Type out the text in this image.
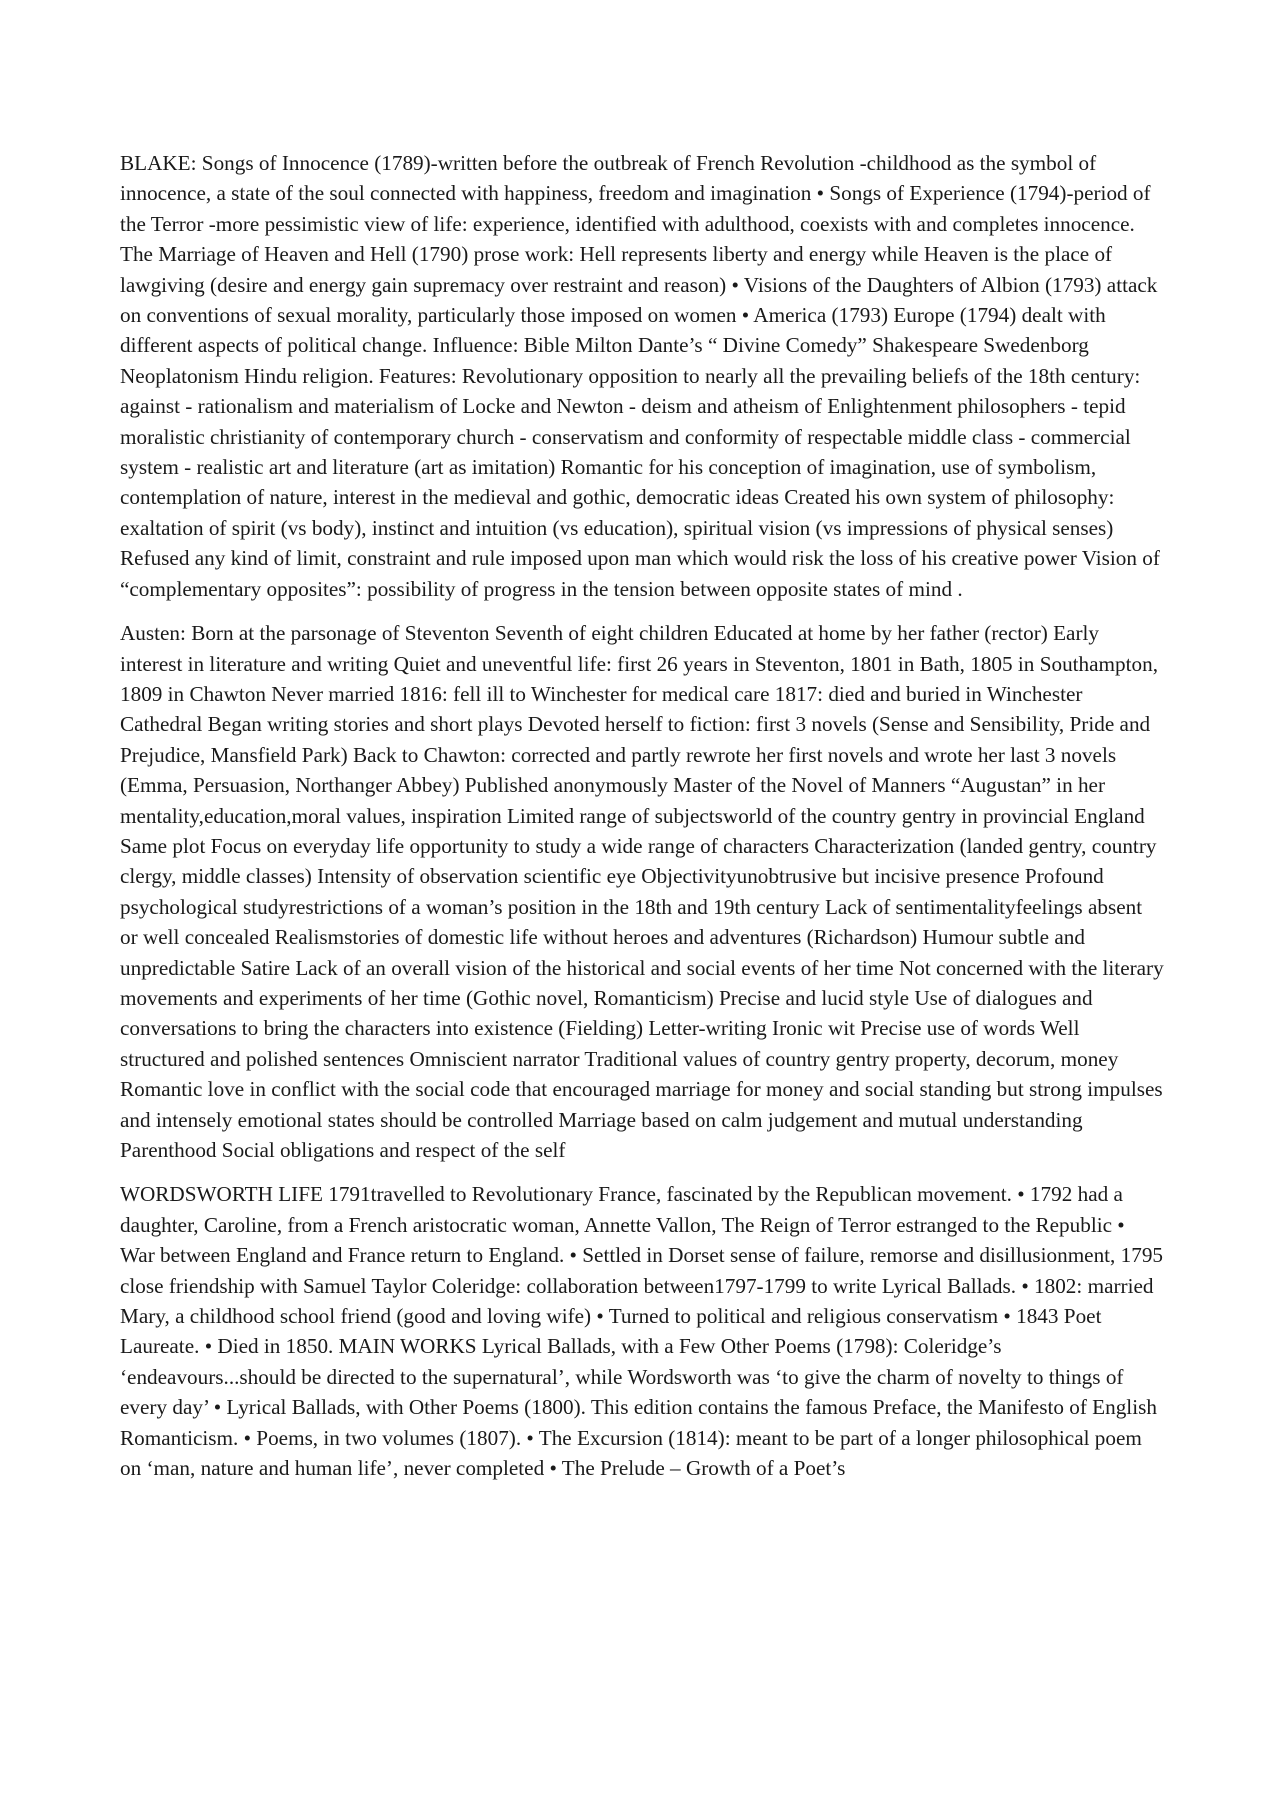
BLAKE: Songs of Innocence (1789)-written before the outbreak of French Revolution -childhood as the symbol of innocence, a state of the soul connected with happiness, freedom and imagination • Songs of Experience (1794)-period of the Terror -more pessimistic view of life: experience, identified with adulthood, coexists with and completes innocence. The Marriage of Heaven and Hell (1790) prose work: Hell represents liberty and energy while Heaven is the place of lawgiving (desire and energy gain supremacy over restraint and reason) • Visions of the Daughters of Albion (1793) attack on conventions of sexual morality, particularly those imposed on women • America (1793) Europe (1794) dealt with different aspects of political change. Influence: Bible Milton Dante’s “ Divine Comedy” Shakespeare Swedenborg Neoplatonism Hindu religion. Features: Revolutionary opposition to nearly all the prevailing beliefs of the 18th century: against - rationalism and materialism of Locke and Newton - deism and atheism of Enlightenment philosophers - tepid moralistic christianity of contemporary church - conservatism and conformity of respectable middle class - commercial system - realistic art and literature (art as imitation) Romantic for his conception of imagination, use of symbolism, contemplation of nature, interest in the medieval and gothic, democratic ideas Created his own system of philosophy: exaltation of spirit (vs body), instinct and intuition (vs education), spiritual vision (vs impressions of physical senses) Refused any kind of limit, constraint and rule imposed upon man which would risk the loss of his creative power Vision of “complementary opposites”: possibility of progress in the tension between opposite states of mind .

Austen: Born at the parsonage of Steventon Seventh of eight children Educated at home by her father (rector) Early interest in literature and writing Quiet and uneventful life: first 26 years in Steventon, 1801 in Bath, 1805 in Southampton, 1809 in Chawton Never married 1816: fell ill to Winchester for medical care 1817: died and buried in Winchester Cathedral Began writing stories and short plays Devoted herself to fiction: first 3 novels (Sense and Sensibility, Pride and Prejudice, Mansfield Park) Back to Chawton: corrected and partly rewrote her first novels and wrote her last 3 novels (Emma, Persuasion, Northanger Abbey) Published anonymously Master of the Novel of Manners “Augustan” in her mentality,education,moral values, inspiration Limited range of subjectsworld of the country gentry in provincial England Same plot Focus on everyday life opportunity to study a wide range of characters Characterization (landed gentry, country clergy, middle classes) Intensity of observation scientific eye Objectivityunobtrusive but incisive presence Profound psychological studyrestrictions of a woman’s position in the 18th and 19th century Lack of sentimentalityfeelings absent or well concealed Realismstories of domestic life without heroes and adventures (Richardson) Humour subtle and unpredictable Satire Lack of an overall vision of the historical and social events of her time Not concerned with the literary movements and experiments of her time (Gothic novel, Romanticism) Precise and lucid style Use of dialogues and conversations to bring the characters into existence (Fielding) Letter-writing Ironic wit Precise use of words Well structured and polished sentences Omniscient narrator Traditional values of country gentry property, decorum, money Romantic love in conflict with the social code that encouraged marriage for money and social standing but strong impulses and intensely emotional states should be controlled Marriage based on calm judgement and mutual understanding Parenthood Social obligations and respect of the self

WORDSWORTH LIFE 1791travelled to Revolutionary France, fascinated by the Republican movement. • 1792 had a daughter, Caroline, from a French aristocratic woman, Annette Vallon, The Reign of Terror estranged to the Republic • War between England and France return to England. • Settled in Dorset sense of failure, remorse and disillusionment, 1795 close friendship with Samuel Taylor Coleridge: collaboration between1797-1799 to write Lyrical Ballads. • 1802: married Mary, a childhood school friend (good and loving wife) • Turned to political and religious conservatism • 1843 Poet Laureate. • Died in 1850. MAIN WORKS Lyrical Ballads, with a Few Other Poems (1798): Coleridge’s ‘endeavours...should be directed to the supernatural’, while Wordsworth was ‘to give the charm of novelty to things of every day’ • Lyrical Ballads, with Other Poems (1800). This edition contains the famous Preface, the Manifesto of English Romanticism. • Poems, in two volumes (1807). • The Excursion (1814): meant to be part of a longer philosophical poem on ‘man, nature and human life’, never completed • The Prelude – Growth of a Poet’s
